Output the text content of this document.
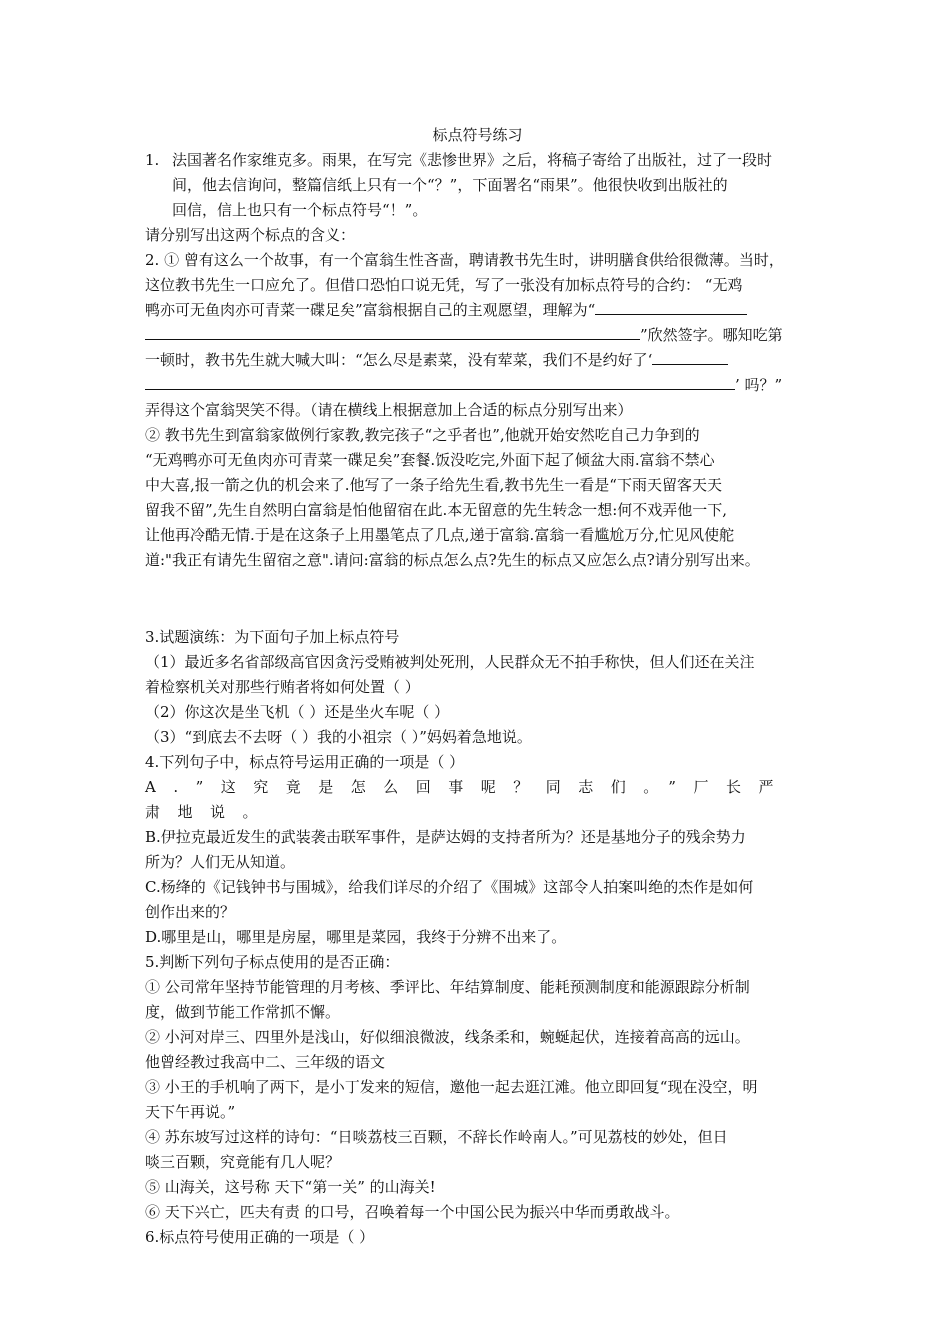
标点符号练习

1. 法国著名作家维克多。雨果，在写完《悲惨世界》之后，将稿子寄给了出版社，过了一段时

间，他去信询问，整篇信纸上只有一个“？”，下面署名“雨果”。他很快收到出版社的

回信，信上也只有一个标点符号“！”。

请分别写出这两个标点的含义：

2. ① 曾有这么一个故事，有一个富翁生性吝啬，聘请教书先生时，讲明膳食供给很微薄。当时，

这位教书先生一口应允了。但借口恐怕口说无凭，写了一张没有加标点符号的合约： “无鸡

鸭亦可无鱼肉亦可青菜一碟足矣”富翁根据自己的主观愿望，理解为“

”欣然签字。哪知吃第

一顿时，教书先生就大喊大叫：“怎么尽是素菜，没有荤菜，我们不是约好了‘

’ 吗？”

弄得这个富翁哭笑不得。（请在横线上根据意加上合适的标点分别写出来）

② 教书先生到富翁家做例行家教,教完孩子“之乎者也”,他就开始安然吃自己力争到的

“无鸡鸭亦可无鱼肉亦可青菜一碟足矣”套餐.饭没吃完,外面下起了倾盆大雨.富翁不禁心

中大喜,报一箭之仇的机会来了.他写了一条子给先生看,教书先生一看是“下雨天留客天天

留我不留”,先生自然明白富翁是怕他留宿在此.本无留意的先生转念一想:何不戏弄他一下,

让他再冷酷无情.于是在这条子上用墨笔点了几点,递于富翁.富翁一看尴尬万分,忙见风使舵

道:"我正有请先生留宿之意".请问:富翁的标点怎么点?先生的标点又应怎么点?请分别写出来。

3.试题演练：为下面句子加上标点符号

（1）最近多名省部级高官因贪污受贿被判处死刑，人民群众无不拍手称快，但人们还在关注

着检察机关对那些行贿者将如何处置（ ）

（2）你这次是坐飞机（ ）还是坐火车呢（ ）

（3）“到底去不去呀（ ）我的小祖宗（ ）”妈妈着急地说。

4.下列句子中，标点符号运用正确的一项是（ ）

A.”这究竟是怎么回事呢？同志们。”厂长严肃地说。

B.伊拉克最近发生的武装袭击联军事件，是萨达姆的支持者所为？还是基地分子的残余势力

所为？人们无从知道。

C.杨绛的《记钱钟书与围城》，给我们详尽的介绍了《围城》这部令人拍案叫绝的杰作是如何

创作出来的？

D.哪里是山，哪里是房屋，哪里是菜园，我终于分辨不出来了。

5.判断下列句子标点使用的是否正确：

① 公司常年坚持节能管理的月考核、季评比、年结算制度、能耗预测制度和能源跟踪分析制

度，做到节能工作常抓不懈。

② 小河对岸三、四里外是浅山，好似细浪微波，线条柔和，蜿蜒起伏，连接着高高的远山。

他曾经教过我高中二、三年级的语文

③ 小王的手机响了两下，是小丁发来的短信，邀他一起去逛江滩。他立即回复“现在没空，明

天下午再说。”

④ 苏东坡写过这样的诗句：“日啖荔枝三百颗，不辞长作岭南人。”可见荔枝的妙处，但日

啖三百颗，究竟能有几人呢？

⑤ 山海关，这号称 天下“第一关” 的山海关!

⑥ 天下兴亡，匹夫有责 的口号，召唤着每一个中国公民为振兴中华而勇敢战斗。

6.标点符号使用正确的一项是（ ）
